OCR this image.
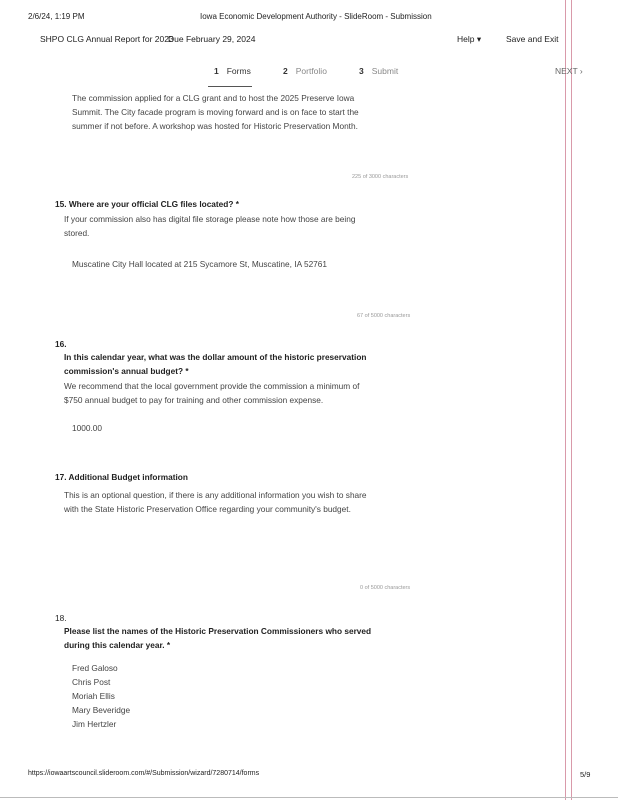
2/6/24, 1:19 PM	Iowa Economic Development Authority - SlideRoom - Submission
SHPO CLG Annual Report for 2023
Due February 29, 2024	Help ▾	Save and Exit
1 Forms	2 Portfolio	3 Submit	NEXT ›
The commission applied for a CLG grant and to host the 2025 Preserve Iowa
Summit. The City facade program is moving forward and is on face to start the
summer if not before. A workshop was hosted for Historic Preservation Month.
225 of 3000 characters
15. Where are your official CLG files located? *
If your commission also has digital file storage please note how those are being
stored.
Muscatine City Hall located at 215 Sycamore St, Muscatine, IA 52761
67 of 5000 characters
16.
In this calendar year, what was the dollar amount of the historic preservation
commission's annual budget? *
We recommend that the local government provide the commission a minimum of
$750 annual budget to pay for training and other commission expense.
1000.00
17. Additional Budget information
This is an optional question, if there is any additional information you wish to share
with the State Historic Preservation Office regarding your community's budget.
0 of 5000 characters
18.
Please list the names of the Historic Preservation Commissioners who served
during this calendar year. *
Fred Galoso
Chris Post
Moriah Ellis
Mary Beveridge
Jim Hertzler
https://iowaartscouncil.slideroom.com/#/Submission/wizard/7280714/forms	5/9
